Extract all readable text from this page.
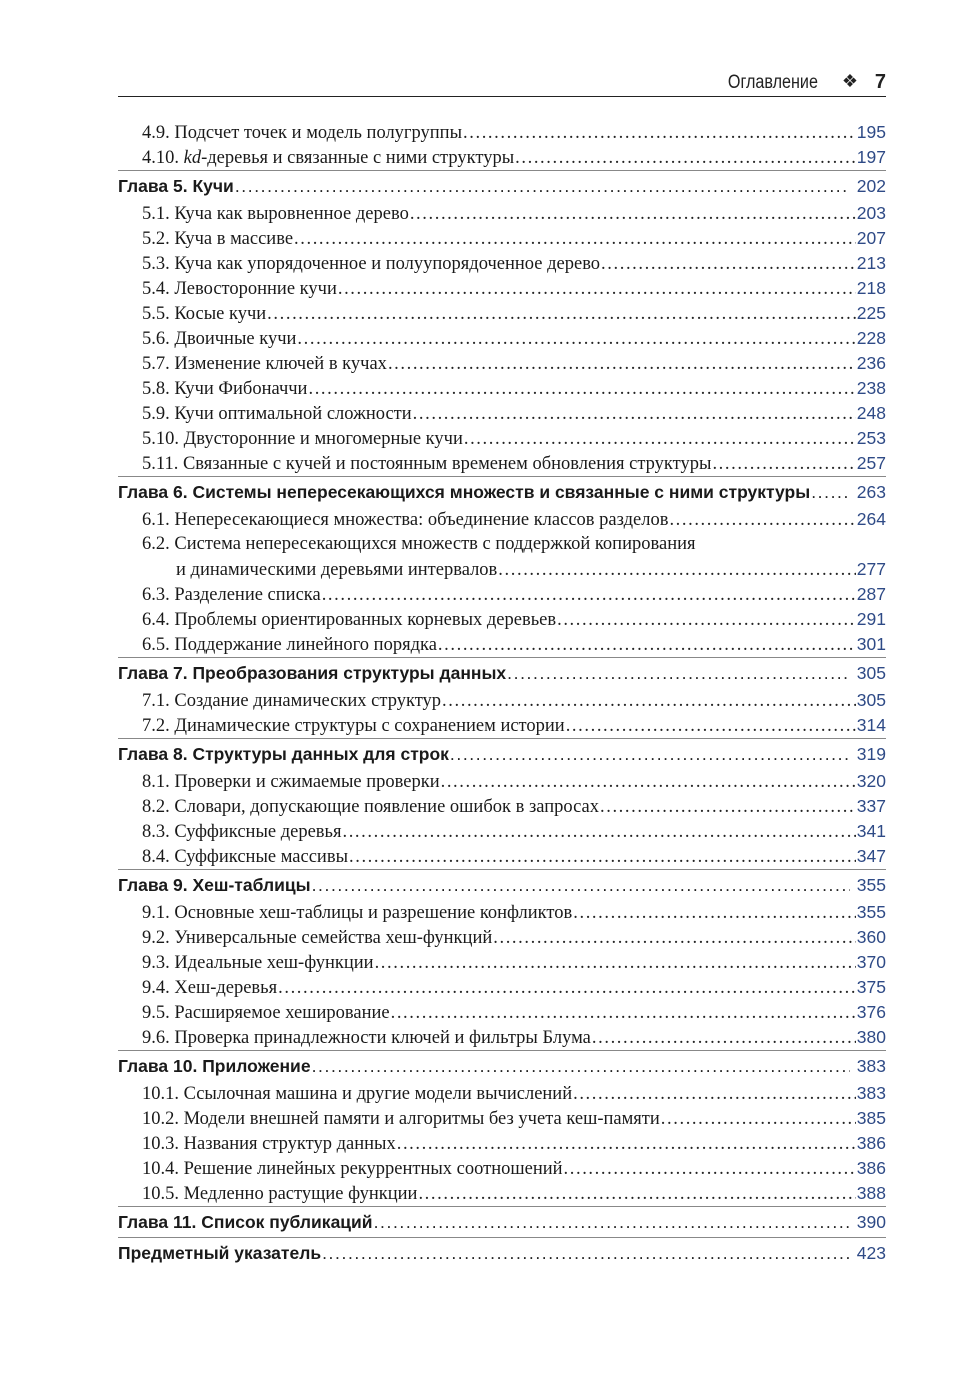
Оглавление ❖ 7
4.9. Подсчет точек и модель полугруппы .....	195
4.10. kd-деревья и связанные с ними структуры .....	197
Глава 5. Кучи .....	202
5.1. Куча как выровненное дерево .....	203
5.2. Куча в массиве .....	207
5.3. Куча как упорядоченное и полуупорядоченное дерево .....	213
5.4. Левосторонние кучи .....	218
5.5. Косые кучи .....	225
5.6. Двоичные кучи .....	228
5.7. Изменение ключей в кучах .....	236
5.8. Кучи Фибоначчи .....	238
5.9. Кучи оптимальной сложности .....	248
5.10. Двусторонние и многомерные кучи .....	253
5.11. Связанные с кучей и постоянным временем обновления структуры .....	257
Глава 6. Системы непересекающихся множеств и связанные с ними структуры .....	263
6.1. Непересекающиеся множества: объединение классов разделов .....	264
6.2. Система непересекающихся множеств с поддержкой копирования
и динамическими деревьями интервалов .....	277
6.3. Разделение списка .....	287
6.4. Проблемы ориентированных корневых деревьев .....	291
6.5. Поддержание линейного порядка .....	301
Глава 7. Преобразования структуры данных .....	305
7.1. Создание динамических структур .....	305
7.2. Динамические структуры с сохранением истории .....	314
Глава 8. Структуры данных для строк .....	319
8.1. Проверки и сжимаемые проверки .....	320
8.2. Словари, допускающие появление ошибок в запросах .....	337
8.3. Суффиксные деревья .....	341
8.4. Суффиксные массивы .....	347
Глава 9. Хеш-таблицы .....	355
9.1. Основные хеш-таблицы и разрешение конфликтов .....	355
9.2. Универсальные семейства хеш-функций .....	360
9.3. Идеальные хеш-функции .....	370
9.4. Хеш-деревья .....	375
9.5. Расширяемое хеширование .....	376
9.6. Проверка принадлежности ключей и фильтры Блума .....	380
Глава 10. Приложение .....	383
10.1. Ссылочная машина и другие модели вычислений .....	383
10.2. Модели внешней памяти и алгоритмы без учета кеш-памяти .....	385
10.3. Названия структур данных .....	386
10.4. Решение линейных рекуррентных соотношений .....	386
10.5. Медленно растущие функции .....	388
Глава 11. Список публикаций .....	390
Предметный указатель .....	423
